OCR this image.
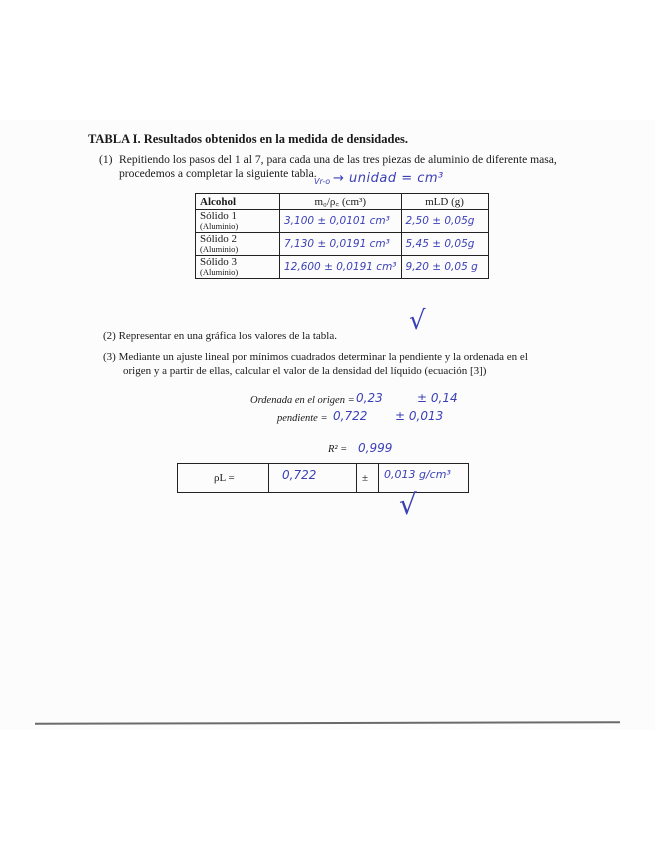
TABLA I. Resultados obtenidos en la medida de densidades.
(1) Repitiendo los pasos del 1 al 7, para cada una de las tres piezas de aluminio de diferente masa,
procedemos a completar la siguiente tabla.
Vr-o → unidad = cm³
Alcohol	m₀/ρ꜀ (cm³)	mLD (g)
Sólido 1
(Aluminio)	3,100 ± 0,0101 cm³	2,50 ± 0,05g
Sólido 2
(Aluminio)	7,130 ± 0,0191 cm³	5,45 ± 0,05g
Sólido 3
(Aluminio)	12,600 ± 0,0191 cm³	9,20 ± 0,05 g
√
(2) Representar en una gráfica los valores de la tabla.
(3) Mediante un ajuste lineal por mínimos cuadrados determinar la pendiente y la ordenada en el
origen y a partir de ellas, calcular el valor de la densidad del líquido (ecuación [3])
Ordenada en el origen = 0,23	± 0,14
pendiente = 0,722 ± 0,013
R² = 0,999
ρL =	0,722	± 0,013 g/cm³
√
